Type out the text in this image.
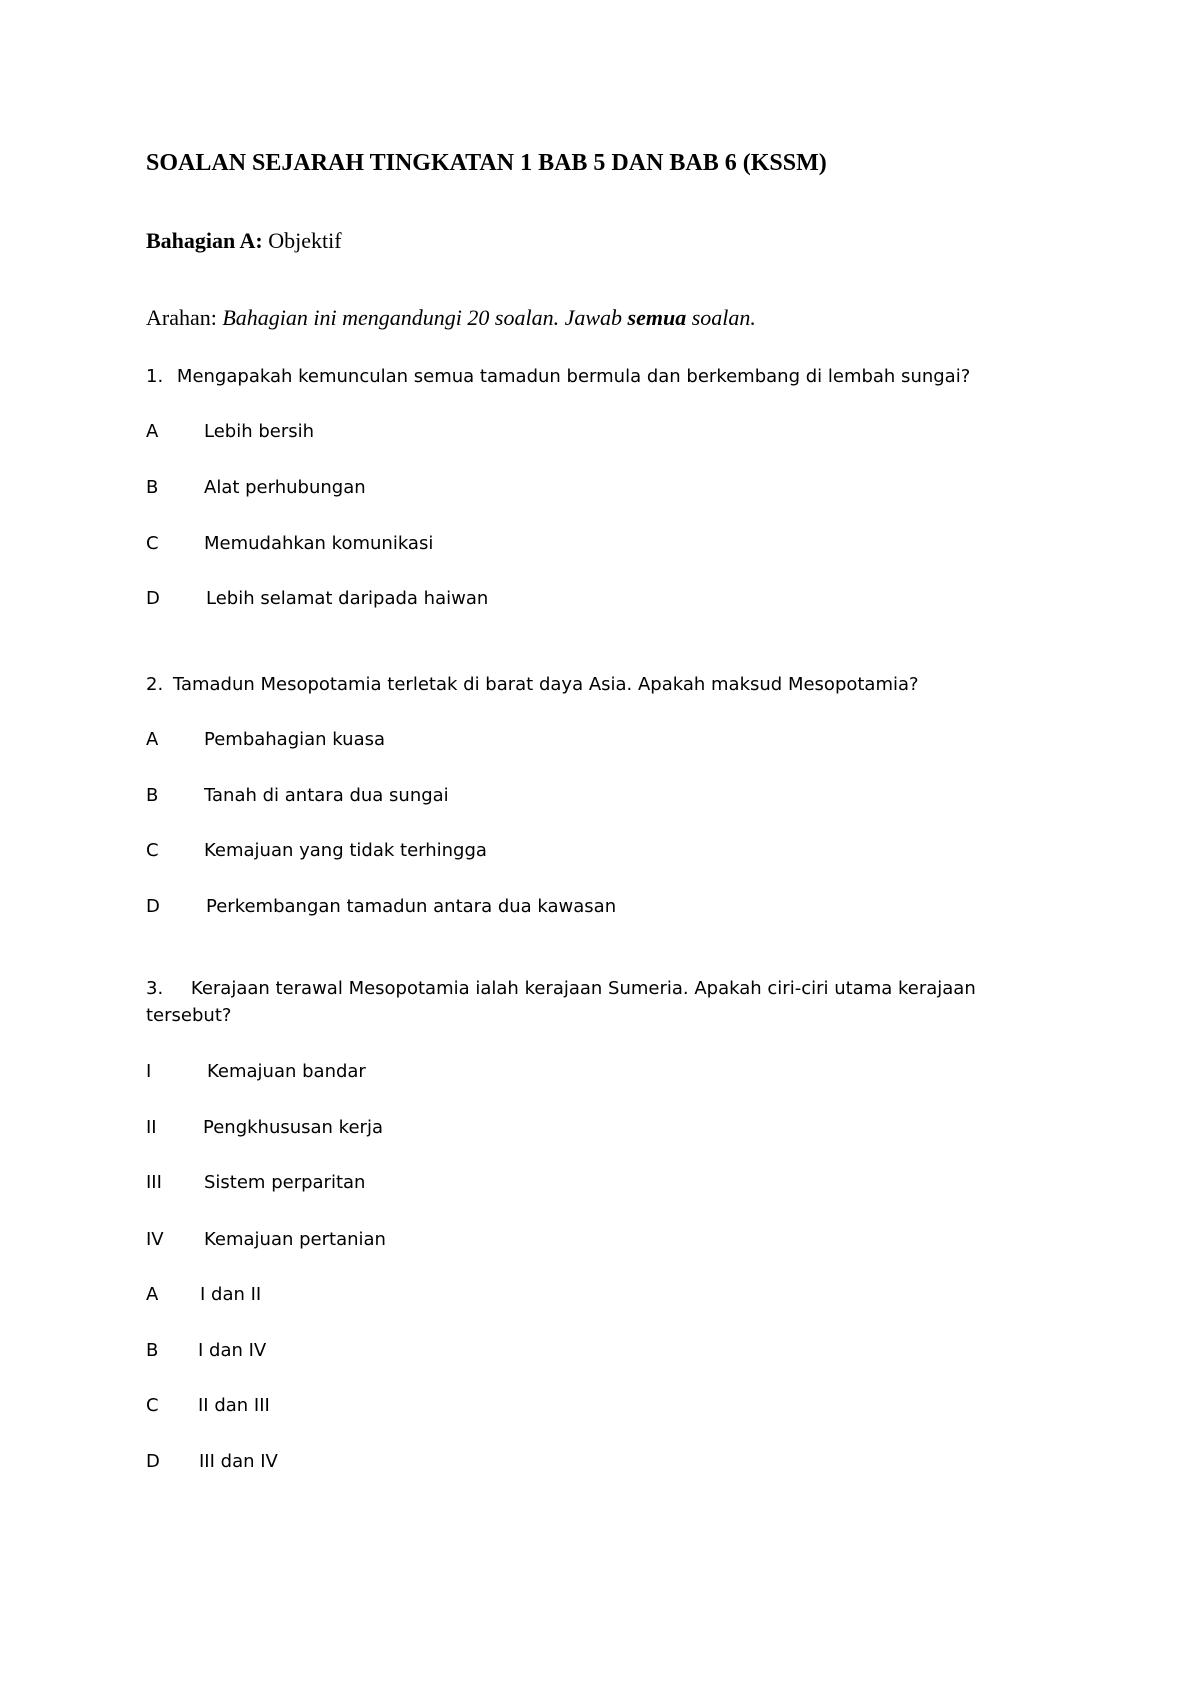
SOALAN SEJARAH TINGKATAN 1 BAB 5 DAN BAB 6 (KSSM)
Bahagian A: Objektif
Arahan: Bahagian ini mengandungi 20 soalan. Jawab semua soalan.
1. Mengapakah kemunculan semua tamadun bermula dan berkembang di lembah sungai?
A	Lebih bersih
B	Alat perhubungan
C	Memudahkan komunikasi
D	Lebih selamat daripada haiwan
2. Tamadun Mesopotamia terletak di barat daya Asia. Apakah maksud Mesopotamia?
A	Pembahagian kuasa
B	Tanah di antara dua sungai
C	Kemajuan yang tidak terhingga
D	Perkembangan tamadun antara dua kawasan
3. Kerajaan terawal Mesopotamia ialah kerajaan Sumeria. Apakah ciri-ciri utama kerajaan
tersebut?
I	Kemajuan bandar
II	Pengkhususan kerja
III Sistem perparitan
IV Kemajuan pertanian
A I dan II
B I dan IV
C II dan III
D III dan IV
